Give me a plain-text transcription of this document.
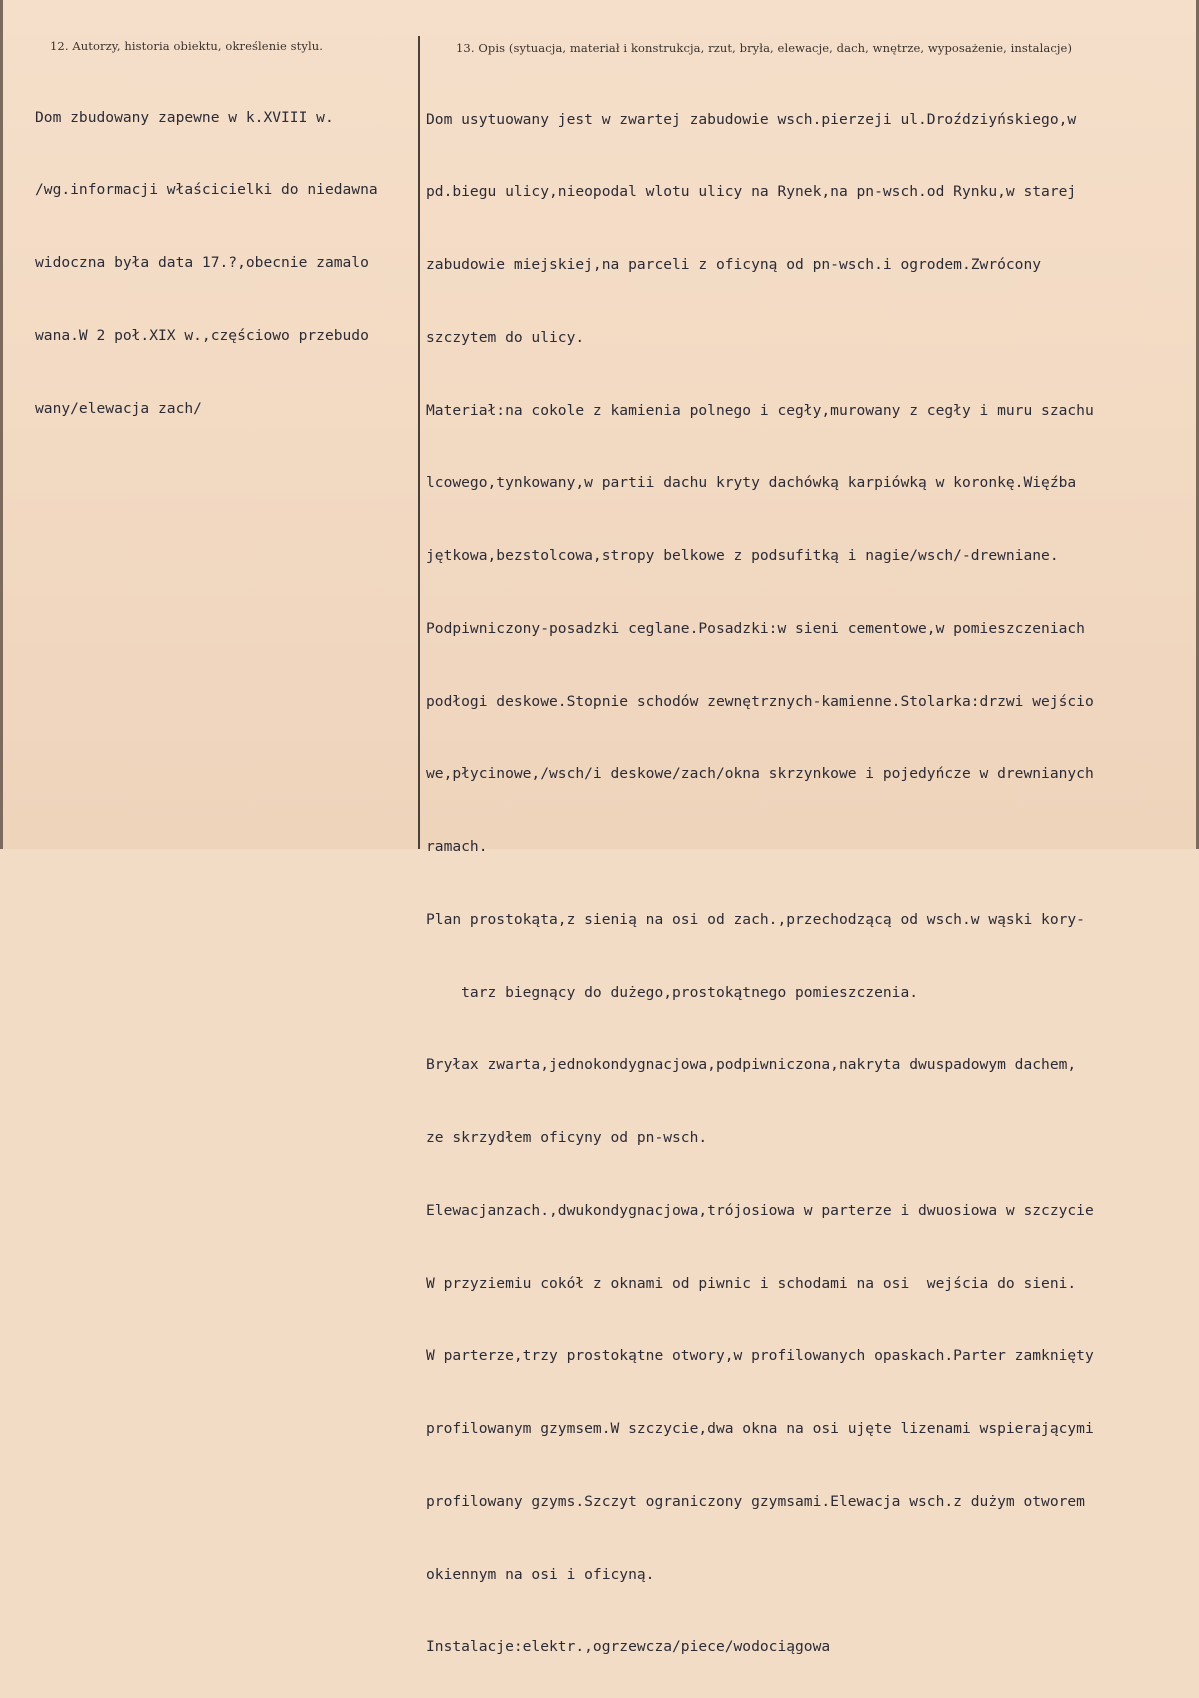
12. Autorzy, historia obiektu, określenie stylu.	13. Opis (sytuacja, materiał i konstrukcja, rzut, bryła, elewacje, dach, wnętrze, wyposażenie, instalacje)

Dom zbudowany zapewne w k.XVIII w.

/wg.informacji właścicielki do niedawna

widoczna była data 17.?,obecnie zamalo

wana.W 2 poł.XIX w.,częściowo przebudo

wany/elewacja zach/

Dom usytuowany jest w zwartej zabudowie wsch.pierzeji ul.Droździyńskiego,w

pd.biegu ulicy,nieopodal wlotu ulicy na Rynek,na pn-wsch.od Rynku,w starej

zabudowie miejskiej,na parceli z oficyną od pn-wsch.i ogrodem.Zwrócony

szczytem do ulicy.

Materiał:na cokole z kamienia polnego i cegły,murowany z cegły i muru szachu

lcowego,tynkowany,w partii dachu kryty dachówką karpiówką w koronkę.Więźba

jętkowa,bezstolcowa,stropy belkowe z podsufitką i nagie/wsch/-drewniane.

Podpiwniczony-posadzki ceglane.Posadzki:w sieni cementowe,w pomieszczeniach

podłogi deskowe.Stopnie schodów zewnętrznych-kamienne.Stolarka:drzwi wejścio

we,płycinowe,/wsch/i deskowe/zach/okna skrzynkowe i pojedyńcze w drewnianych

ramach.

Plan prostokąta,z sienią na osi od zach.,przechodzącą od wsch.w wąski kory-

tarz biegnący do dużego,prostokątnego pomieszczenia.

Bryłax zwarta,jednokondygnacjowa,podpiwniczona,nakryta dwuspadowym dachem,

ze skrzydłem oficyny od pn-wsch.

Elewacjanzach.,dwukondygnacjowa,trójosiowa w parterze i dwuosiowa w szczycie

W przyziemiu cokół z oknami od piwnic i schodami na osi  wejścia do sieni.

W parterze,trzy prostokątne otwory,w profilowanych opaskach.Parter zamknięty

profilowanym gzymsem.W szczycie,dwa okna na osi ujęte lizenami wspierającymi

profilowany gzyms.Szczyt ograniczony gzymsami.Elewacja wsch.z dużym otworem

okiennym na osi i oficyną.

Instalacje:elektr.,ogrzewcza/piece/wodociągowa
